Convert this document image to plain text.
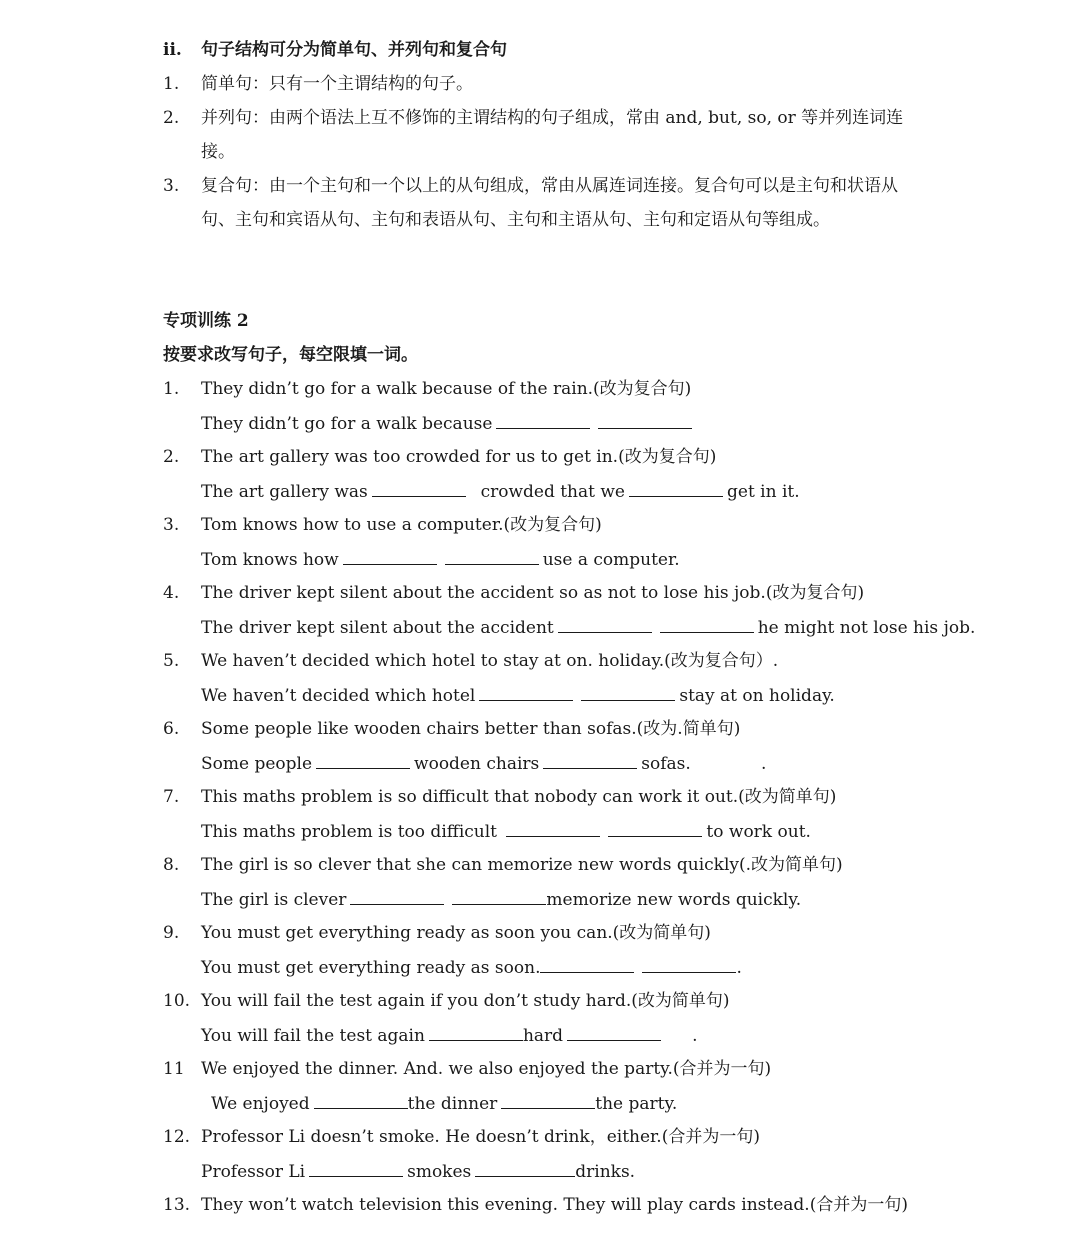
ii. 句子结构可分为简单句、并列句和复合句
1. 简单句：只有一个主谓结构的句子。
2. 并列句：由两个语法上互不修饰的主谓结构的句子组成，常由 and, but, so, or 等并列连词连接。
3. 复合句：由一个主句和一个以上的从句组成，常由从属连词连接。复合句可以是主句和状语从句、主句和宾语从句、主句和表语从句、主句和主语从句、主句和定语从句等组成。
专项训练 2
按要求改写句子，每空限填一词。
1. They didn’t go for a walk because of the rain.(改为复合句)
They didn’t go for a walk because
2. The art gallery was too crowded for us to get in.(改为复合句)
The art gallery was	crowded that we	get in it.
3. Tom knows how to use a computer.(改为复合句)
Tom knows how	use a computer.
4. The driver kept silent about the accident so as not to lose his job.(改为复合句)
The driver kept silent about the accident	he might not lose his job.
5. We haven’t decided which hotel to stay at on. holiday.(改为复合句）.
We haven’t decided which hotel	stay at on holiday.
6. Some people like wooden chairs better than sofas.(改为.简单句)
Some people	wooden chairs	sofas.             .
7. This maths problem is so difficult that nobody can work it out.(改为简单句)
This maths problem is too difficult	to work out.
8. The girl is so clever that she can memorize new words quickly(.改为简单句)
The girl is clever	memorize new words quickly.
9. You must get everything ready as soon you can.(改为简单句)
You must get everything ready as soon.	.
10. You will fail the test again if you don’t study hard.(改为简单句)
You will fail the test again	hard	.
11 We enjoyed the dinner. And. we also enjoyed the party.(合并为一句)
We enjoyed	the dinner	the party.
12. Professor Li doesn’t smoke. He doesn’t drink，either.(合并为一句)
Professor Li	smokes	drinks.
13. They won’t watch television this evening. They will play cards instead.(合并为一句)
